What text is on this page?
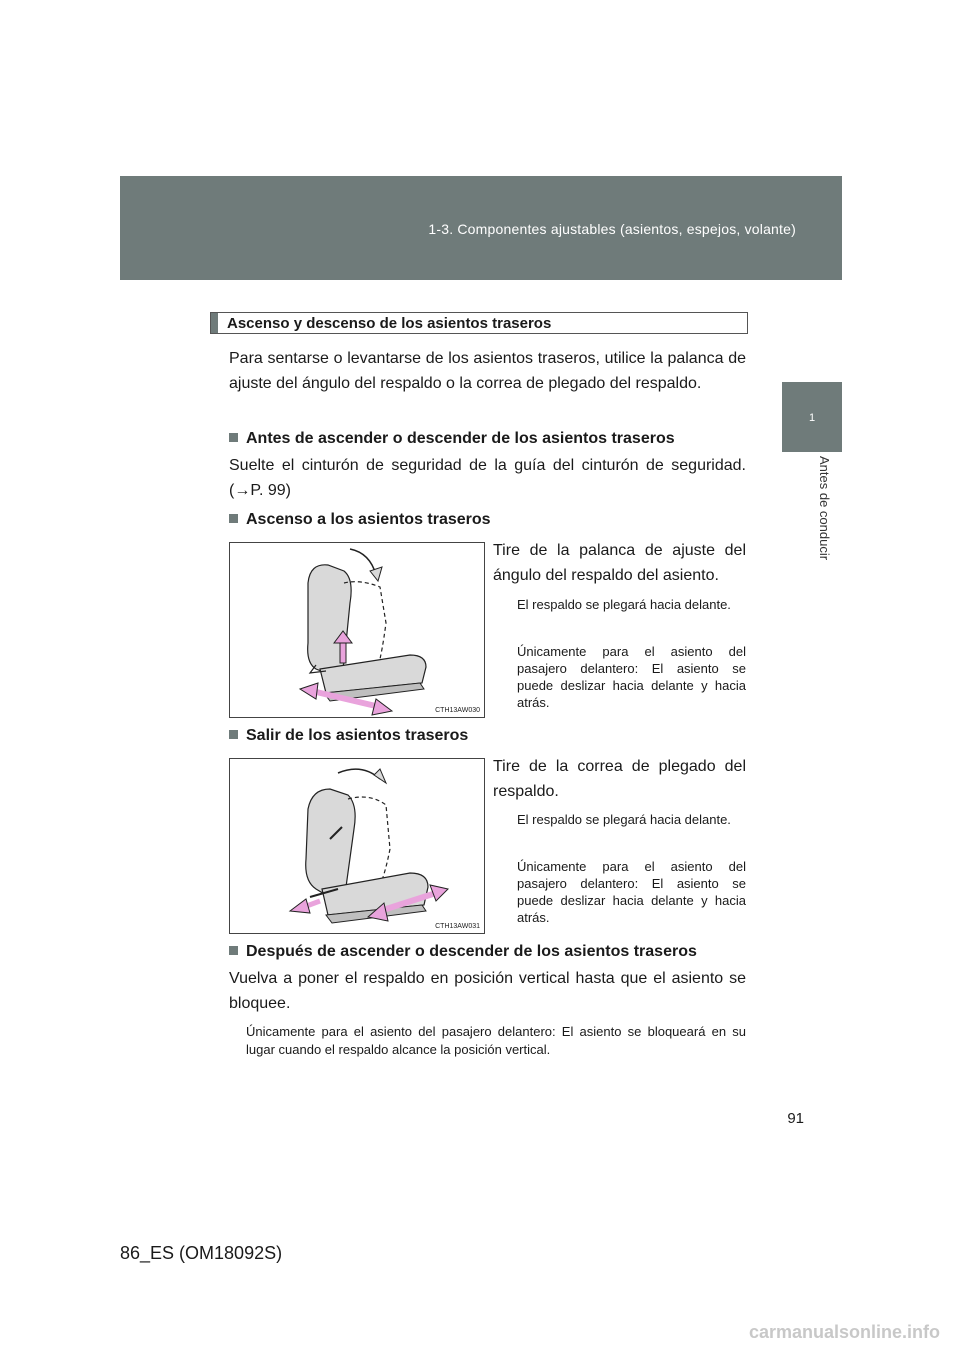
1-3. Componentes ajustables (asientos, espejos, volante)
1
Antes de conducir
Ascenso y descenso de los asientos traseros
Para sentarse o levantarse de los asientos traseros, utilice la palanca de ajuste del ángulo del respaldo o la correa de plegado del respaldo.
Antes de ascender o descender de los asientos traseros
Suelte el cinturón de seguridad de la guía del cinturón de seguridad. (→P. 99)
Ascenso a los asientos traseros
CTH13AW030
Tire de la palanca de ajuste del ángulo del respaldo del asiento.
El respaldo se plegará hacia delante.
Únicamente para el asiento del pasajero delantero: El asiento se puede deslizar hacia delante y hacia atrás.
Salir de los asientos traseros
CTH13AW031
Tire de la correa de plegado del respaldo.
El respaldo se plegará hacia delante.
Únicamente para el asiento del pasajero delantero: El asiento se puede deslizar hacia delante y hacia atrás.
Después de ascender o descender de los asientos traseros
Vuelva a poner el respaldo en posición vertical hasta que el asiento se bloquee.
Únicamente para el asiento del pasajero delantero: El asiento se bloqueará en su lugar cuando el respaldo alcance la posición vertical.
91
86_ES (OM18092S)
carmanualsonline.info
